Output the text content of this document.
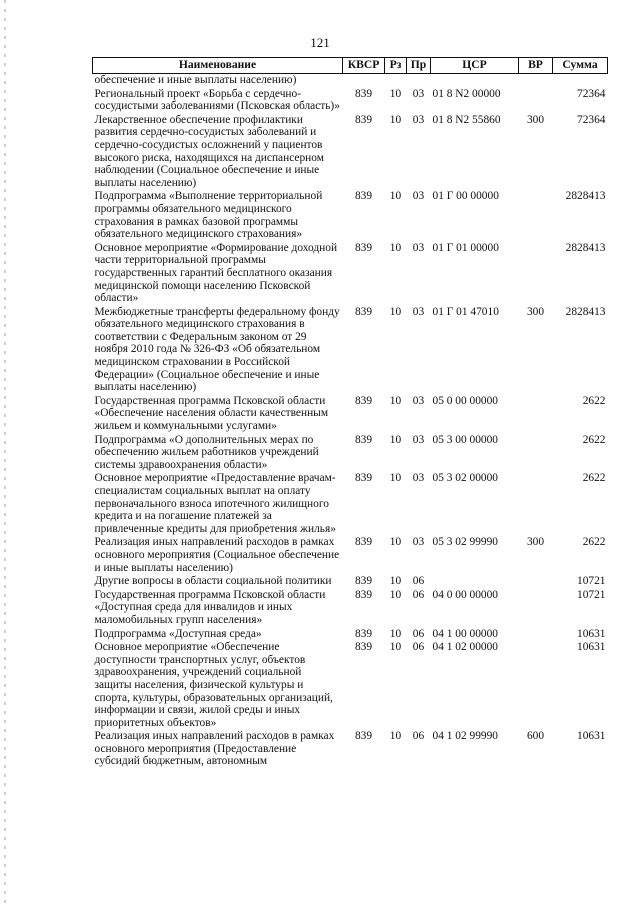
121
Наименование	КВСР	Рз	Пр	ЦСР	ВР	Сумма
обеспечение и иные выплаты населению)						
Региональный проект «Борьба с сердечно-сосудистыми заболеваниями (Псковская область)»	839	10	03	01 8 N2 00000		72364
Лекарственное обеспечение профилактики развития сердечно-сосудистых заболеваний и сердечно-сосудистых осложнений у пациентов высокого риска, находящихся на диспансерном наблюдении (Социальное обеспечение и иные выплаты населению)	839	10	03	01 8 N2 55860	300	72364
Подпрограмма «Выполнение территориальной программы обязательного медицинского страхования в рамках базовой программы обязательного медицинского страхования»	839	10	03	01 Г 00 00000		2828413
Основное мероприятие «Формирование доходной части территориальной программы государственных гарантий бесплатного оказания медицинской помощи населению Псковской области»	839	10	03	01 Г 01 00000		2828413
Межбюджетные трансферты федеральному фонду обязательного медицинского страхования в соответствии с Федеральным законом от 29 ноября 2010 года № 326-ФЗ «Об обязательном медицинском страховании в Российской Федерации» (Социальное обеспечение и иные выплаты населению)	839	10	03	01 Г 01 47010	300	2828413
Государственная программа Псковской области «Обеспечение населения области качественным жильем и коммунальными услугами»	839	10	03	05 0 00 00000		2622
Подпрограмма «О дополнительных мерах по обеспечению жильем работников учреждений системы здравоохранения области»	839	10	03	05 3 00 00000		2622
Основное мероприятие «Предоставление врачам-специалистам социальных выплат на оплату первоначального взноса ипотечного жилищного кредита и на погашение платежей за привлеченные кредиты для приобретения жилья»	839	10	03	05 3 02 00000		2622
Реализация иных направлений расходов в рамках основного мероприятия (Социальное обеспечение и иные выплаты населению)	839	10	03	05 3 02 99990	300	2622
Другие вопросы в области социальной политики	839	10	06			10721
Государственная программа Псковской области «Доступная среда для инвалидов и иных маломобильных групп населения»	839	10	06	04 0 00 00000		10721
Подпрограмма «Доступная среда»	839	10	06	04 1 00 00000		10631
Основное мероприятие «Обеспечение доступности транспортных услуг, объектов здравоохранения, учреждений социальной защиты населения, физической культуры и спорта, культуры, образовательных организаций, информации и связи, жилой среды и иных приоритетных объектов»	839	10	06	04 1 02 00000		10631
Реализация иных направлений расходов в рамках основного мероприятия (Предоставление субсидий бюджетным, автономным	839	10	06	04 1 02 99990	600	10631
